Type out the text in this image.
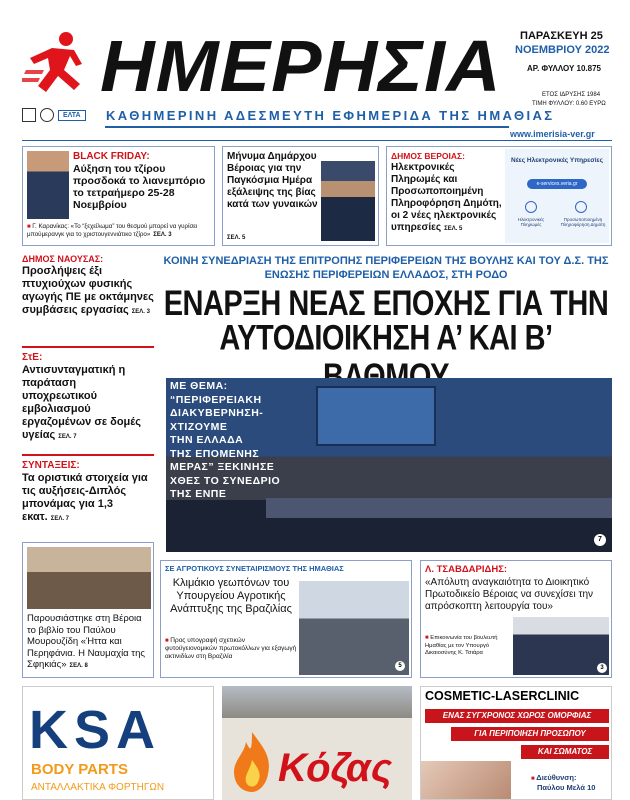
ΗΜΕΡΗΣΙΑ ΠΑΡΑΣΚΕΥΗ 25
ΝΟΕΜΒΡΙΟΥ 2022
ΑΡ. ΦΥΛΛΟΥ 10.875
ΕΤΟΣ ΙΔΡΥΣΗΣ 1984
ΤΙΜΗ ΦΥΛΛΟΥ: 0.60 ΕΥΡΩ
ΕΛΤΑ	ΚΑΘΗΜΕΡΙΝΗ ΑΔΕΣΜΕΥΤΗ ΕΦΗΜΕΡΙΔΑ ΤΗΣ ΗΜΑΘΙΑΣ
www.imerisia-ver.gr
BLACK FRIDAY:
Αύξηση του τζίρου προσδοκά το λιανεμπόριο το τετραήμερο 25-28 Νοεμβρίου
■ Γ. Καρανίκας: «Το “ξεχείλωμα” του θεσμού μπορεί να γυρίσει μπούμερανγκ για το χριστουγεννιάτικο τζίρο» ΣΕΛ. 3
Μήνυμα Δημάρχου Βέροιας για την Παγκόσμια Ημέρα εξάλειψης της βίας κατά των γυναικών
ΣΕΛ. 5
ΔΗΜΟΣ ΒΕΡΟΙΑΣ:
Ηλεκτρονικές Πληρωμές και Προσωποποιημένη Πληροφόρηση Δημότη, οι 2 νέες ηλεκτρονικές υπηρεσίες ΣΕΛ. 5
Νέες Ηλεκτρονικές Υπηρεσίες
e-services.veria.gr
Ηλεκτρονικές Πληρωμές
Προσωποποιημένη Πληροφόρηση Δημότη
ΔΗΜΟΣ ΝΑΟΥΣΑΣ:
Προσλήψεις έξι πτυχιούχων φυσικής αγωγής ΠΕ με οκτάμηνες συμβάσεις εργασίας ΣΕΛ. 3
ΣτΕ:
Αντισυνταγματική η παράταση υποχρεωτικού εμβολιασμού εργαζομένων σε δομές υγείας ΣΕΛ. 7
ΣΥΝΤΑΞΕΙΣ:
Τα οριστικά στοιχεία για τις αυξήσεις-Διπλός μπονάμας για 1,3 εκατ. ΣΕΛ. 7
ΚΟΙΝΗ ΣΥΝΕΔΡΙΑΣΗ ΤΗΣ ΕΠΙΤΡΟΠΗΣ ΠΕΡΙΦΕΡΕΙΩΝ ΤΗΣ ΒΟΥΛΗΣ ΚΑΙ ΤΟΥ Δ.Σ. ΤΗΣ ΕΝΩΣΗΣ ΠΕΡΙΦΕΡΕΙΩΝ ΕΛΛΑΔΟΣ, ΣΤΗ ΡΟΔΟ
ΕΝΑΡΞΗ ΝΕΑΣ ΕΠΟΧΗΣ ΓΙΑ ΤΗΝ
ΑΥΤΟΔΙΟΙΚΗΣΗ Α’ ΚΑΙ Β’
7
ΜΕ ΘΕΜΑ:
“ΠΕΡΙΦΕΡΕΙΑΚΗ
ΔΙΑΚΥΒΕΡΝΗΣΗ-
ΧΤΙΖΟΥΜΕ
ΤΗΝ ΕΛΛΑΔΑ
ΤΗΣ ΕΠΟΜΕΝΗΣ
ΜΕΡΑΣ” ΞΕΚΙΝΗΣΕ
ΧΘΕΣ ΤΟ ΣΥΝΕΔΡΙΟ
ΤΗΣ ΕΝΠΕ
Παρουσιάστηκε στη Βέροια το βιβλίο του Παύλου Μουρουζίδη «Ήττα και Περηφάνια. Η Ναυμαχία της Σφηκιάς» ΣΕΛ. 8
ΣΕ ΑΓΡΟΤΙΚΟΥΣ ΣΥΝΕΤΑΙΡΙΣΜΟΥΣ ΤΗΣ ΗΜΑΘΙΑΣ
Κλιμάκιο γεωπόνων του Υπουργείου Αγροτικής Ανάπτυξης της Βραζιλίας
■ Προς υπογραφή σχετικών φυτοϋγειονομικών πρωτοκόλλων για εξαγωγή ακτινιδίων στη Βραζιλία
5
Λ. ΤΣΑΒΔΑΡΙΔΗΣ:
«Απόλυτη αναγκαιότητα το Διοικητικό Πρωτοδικείο Βέροιας να συνεχίσει την απρόσκοπτη λειτουργία του»
■ Επικοινωνία του βουλευτή Ημαθίας με τον Υπουργό Δικαιοσύνης Κ. Τσιάρα
3
KSA
BODY PARTS
ΑΝΤΑΛΛΑΚΤΙΚΑ ΦΟΡΤΗΓΩΝ	Κόζας
COSMETIC-LASERCLINIC
ΕΝΑΣ ΣΥΓΧΡΟΝΟΣ ΧΩΡΟΣ ΟΜΟΡΦΙΑΣ
ΓΙΑ ΠΕΡΙΠΟΙΗΣΗ ΠΡΟΣΩΠΟΥ
ΚΑΙ ΣΩΜΑΤΟΣ
■ Διεύθυνση:
Παύλου Μελά 10
